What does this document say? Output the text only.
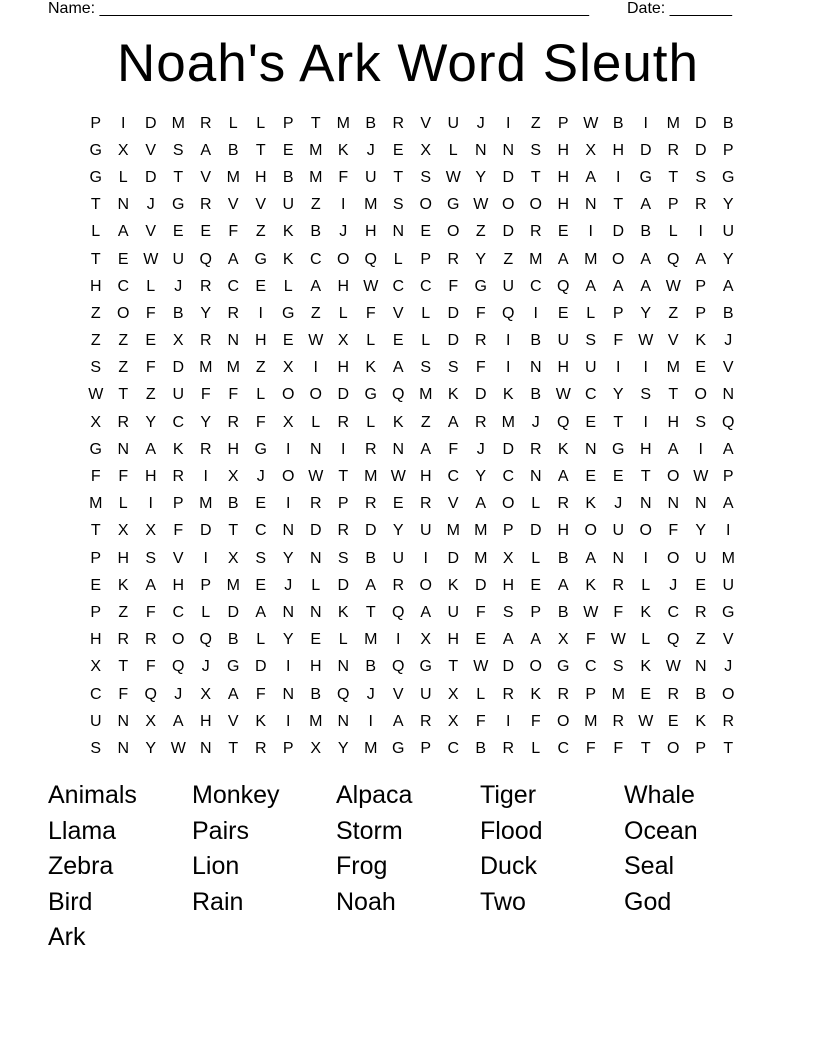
Name: _______________________________________________________ Date: _______
Noah's Ark Word Sleuth
P	I	D M R	L	L	P	T M B	R	V	U	J	I	Z	P W B	I	M D	B
G X	V	S	A	B	T	E M K	J	E	X	L	N N	S	H	X	H D R D	P
G	L	D	T	V M H	B M F	U	T	S W Y	D	T	H	A	I	G	T	S G
T	N	J	G R	V	V	U	Z	I	M S O G W O O H N	T	A	P	R	Y
L	A	V	E	E	F	Z	K	B	J	H N	E O	Z	D R	E	I	D	B	L	I	U
T	E W U Q A G K	C O Q	L	P	R	Y	Z M A M O A Q A	Y
H C	L	J	R C	E	L	A	H W C C	F	G U C Q A	A	A W P	A
Z	O	F	B	Y	R	I	G	Z	L	F	V	L	D	F	Q	I	E	L	P	Y	Z	P	B
Z	Z	E	X	R N H	E W X	L	E	L	D R	I	B	U	S	F W V	K	J
S	Z	F	D M M Z	X	I	H	K	A	S	S	F	I	N H U	I	I	M E	V
W T	Z	U	F	F	L	O O D G Q M K	D	K	B W C	Y	S	T	O N
X	R	Y	C	Y	R	F	X	L	R	L	K	Z	A	R M	J	Q E	T	I	H	S Q
G N	A	K	R H G	I	N	I	R N	A	F	J	D R	K	N G H	A	I	A
F	F	H R	I	X	J	O W T M W H C	Y	C N	A	E	E	T	O W P
M	L	I	P M B	E	I	R	P	R	E	R	V	A O	L	R	K	J	N N N	A
T	X	X	F	D	T	C N D R D	Y	U M M P	D H O U O	F	Y	I
P	H	S	V	I	X	S	Y	N	S	B	U	I	D M X	L	B	A	N	I	O U M
E	K	A	H	P M E	J	L	D	A	R O K	D H	E	A	K	R	L	J	E	U
P	Z	F	C	L	D	A	N N	K	T	Q A	U	F	S	P	B W F	K	C R G
H R R O Q B	L	Y	E	L	M	I	X	H	E	A	A	X	F W L	Q	Z	V
X	T	F	Q	J	G D	I	H N	B Q G	T W D O G C	S	K W N	J
C	F	Q	J	X	A	F	N	B Q	J	V	U	X	L	R	K	R	P M E	R	B O
U N	X	A	H	V	K	I	M N	I	A	R	X	F	I	F	O M R W E	K	R
S	N	Y W N	T	R	P	X	Y M G P	C	B	R	L	C	F	F	T	O P	T
Animals	Monkey	Alpaca	Tiger	Whale
Llama	Pairs	Storm	Flood	Ocean
Zebra	Lion	Frog	Duck	Seal
Bird	Rain	Noah	Two	God
Ark
